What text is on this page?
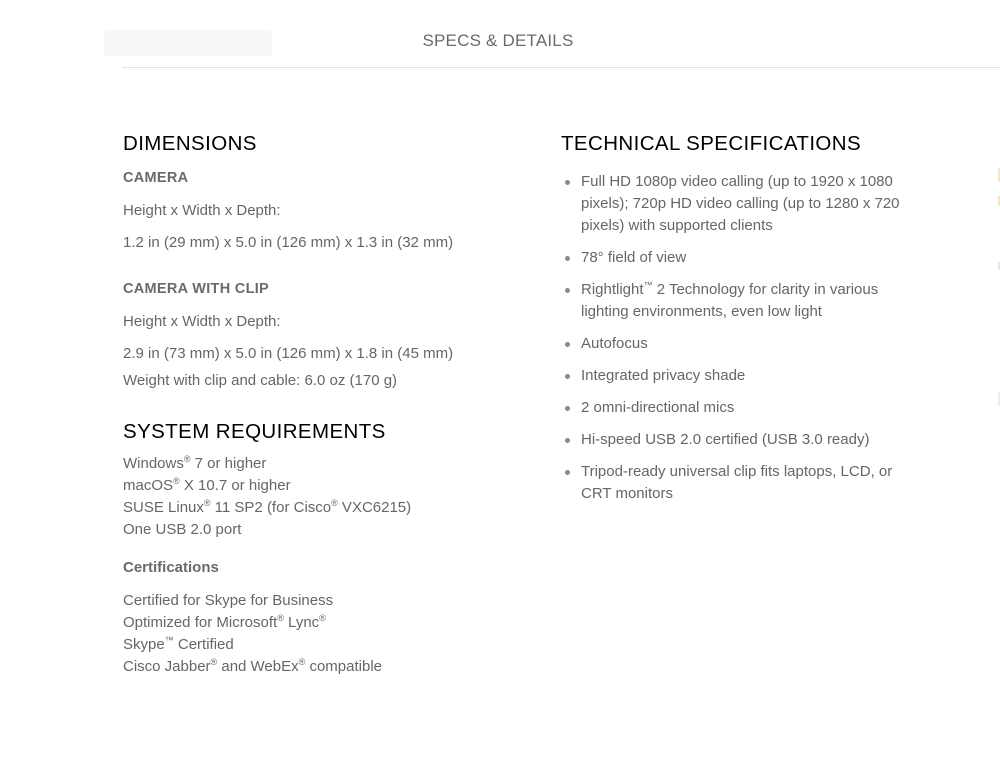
SPECS & DETAILS
DIMENSIONS
CAMERA

Height x Width x Depth:

1.2 in (29 mm) x 5.0 in (126 mm) x 1.3 in (32 mm)

CAMERA WITH CLIP

Height x Width x Depth:

2.9 in (73 mm) x 5.0 in (126 mm) x 1.8 in (45 mm)

Weight with clip and cable: 6.0 oz (170 g)

SYSTEM REQUIREMENTS

Windows® 7 or higher

macOS® X 10.7 or higher

SUSE Linux® 11 SP2 (for Cisco® VXC6215)

One USB 2.0 port

Certifications

Certified for Skype for Business

Optimized for Microsoft® Lync®

Skype™ Certified

Cisco Jabber® and WebEx® compatible

TECHNICAL SPECIFICATIONS
Full HD 1080p video calling (up to 1920 x 1080 pixels); 720p HD video calling (up to 1280 x 720 pixels) with supported clients
78° field of view
Rightlight™ 2 Technology for clarity in various lighting environments, even low light
Autofocus
Integrated privacy shade
2 omni-directional mics
Hi-speed USB 2.0 certified (USB 3.0 ready)
Tripod-ready universal clip fits laptops, LCD, or CRT monitors
